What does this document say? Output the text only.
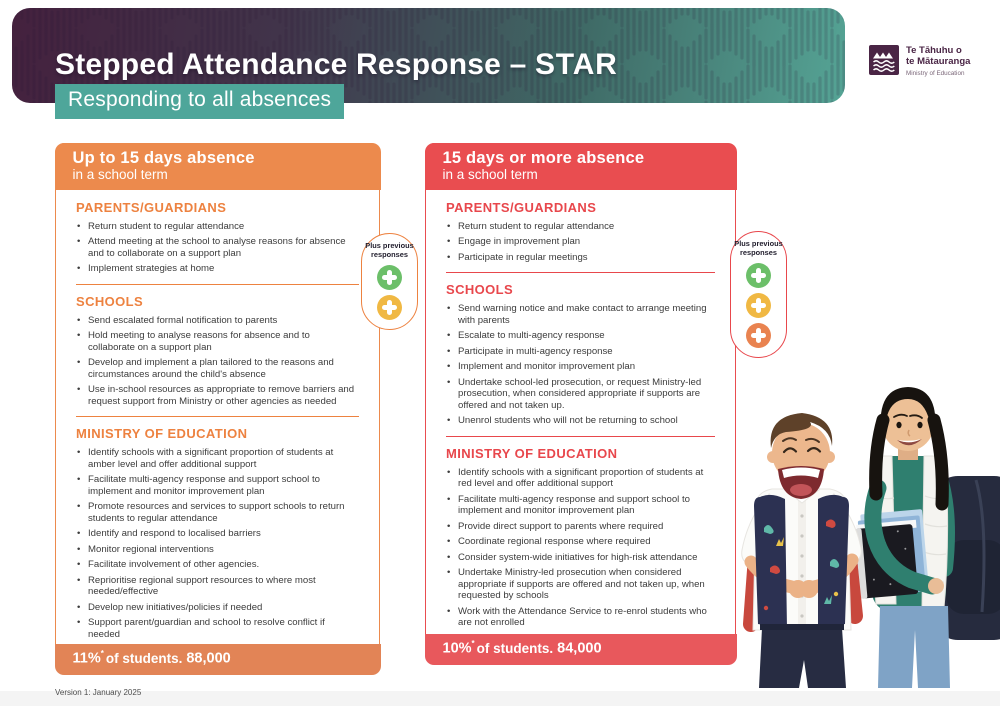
Stepped Attendance Response – STAR
Responding to all absences
Te Tāhuhu o
te Mātauranga
Ministry of Education
Up to 15 days absence
in a school term
PARENTS/GUARDIANS
• Return student to regular attendance
• Attend meeting at the school to analyse reasons for absence and to collaborate on a support plan
• Implement strategies at home
SCHOOLS
• Send escalated formal notification to parents
• Hold meeting to analyse reasons for absence and to collaborate on a support plan
• Develop and implement a plan tailored to the reasons and circumstances around the child's absence
• Use in-school resources as appropriate to remove barriers and request support from Ministry or other agencies as needed
MINISTRY OF EDUCATION
• Identify schools with a significant proportion of students at amber level and offer additional support
• Facilitate multi-agency response and support school to implement and monitor improvement plan
• Promote resources and services to support schools to return students to regular attendance
• Identify and respond to localised barriers
• Monitor regional interventions
• Facilitate involvement of other agencies.
• Reprioritise regional support resources to where most needed/effective
• Develop new initiatives/policies if needed
• Support parent/guardian and school to resolve conflict if needed
11%* of students. 88,000
15 days or more absence
in a school term
PARENTS/GUARDIANS
• Return student to regular attendance
• Engage in improvement plan
• Participate in regular meetings
SCHOOLS
• Send warning notice and make contact to arrange meeting with parents
• Escalate to multi-agency response
• Participate in multi-agency response
• Implement and monitor improvement plan
• Undertake school-led prosecution, or request Ministry-led prosecution, when considered appropriate if supports are offered and not taken up.
• Unenrol students who will not be returning to school
MINISTRY OF EDUCATION
• Identify schools with a significant proportion of students at red level and offer additional support
• Facilitate multi-agency response and support school to implement and monitor improvement plan
• Provide direct support to parents where required
• Coordinate regional response where required
• Consider system-wide initiatives for high-risk attendance
• Undertake Ministry-led prosecution when considered appropriate if supports are offered and not taken up, when requested by schools
• Work with the Attendance Service to re-enrol students who are not enrolled
10%* of students. 84,000
Plus previous responses
Plus previous responses
Version 1: January 2025
